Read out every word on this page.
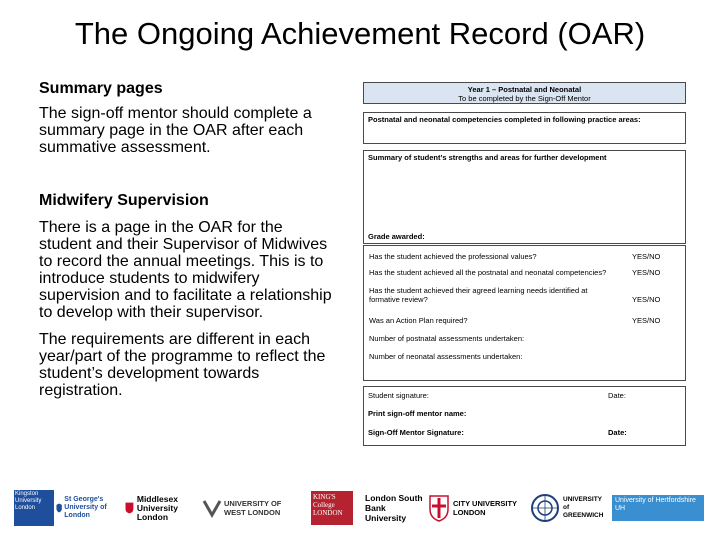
The Ongoing Achievement Record (OAR)

Summary pages

The sign-off mentor should complete a summary page in the OAR after each summative assessment.

Midwifery Supervision

There is a page in the OAR for the student and their Supervisor of Midwives to record the annual meetings. This is to introduce students to midwifery supervision and to facilitate a relationship to develop with their supervisor.

The requirements are different in each year/part of the programme to reflect the student’s development towards registration.

Year 1 – Postnatal and Neonatal
To be completed by the Sign-Off Mentor
Postnatal and neonatal competencies completed in following practice areas:
Summary of student’s strengths and areas for further development
Grade awarded:
Has the student achieved the professional values?	YES/NO
Has the student achieved all the postnatal and neonatal competencies?	YES/NO
Has the student achieved their agreed learning needs identified at formative review?	YES/NO
Was an Action Plan required?	YES/NO
Number of postnatal assessments undertaken:
Number of neonatal assessments undertaken:
Student signature:	Date:
Print sign-off mentor name:
Sign-Off Mentor Signature:	Date:
Kingston University London
St George's University of London
Middlesex University London
UNIVERSITY OF WEST LONDON
KING'S College LONDON
London South Bank University
CITY UNIVERSITY LONDON
UNIVERSITY of GREENWICH
University of Hertfordshire UH
